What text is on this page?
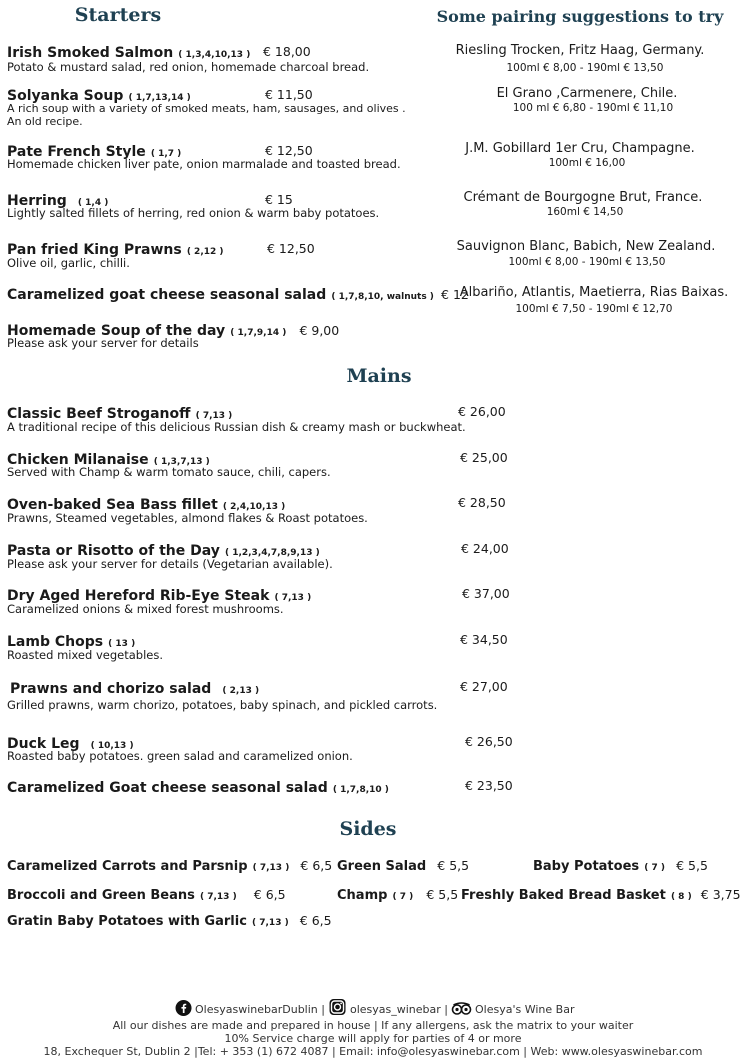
Starters	Some pairing suggestions to try
Irish Smoked Salmon ( 1,3,4,10,13 ) € 18,00
Potato & mustard salad, red onion, homemade charcoal bread.
Solyanka Soup ( 1,7,13,14 )	€ 11,50
A rich soup with a variety of smoked meats, ham, sausages, and olives .
An old recipe.
Pate French Style ( 1,7 )	€ 12,50
Homemade chicken liver pate, onion marmalade and toasted bread.
Herring ( 1,4 )	€ 15
Lightly salted fillets of herring, red onion & warm baby potatoes.
Pan fried King Prawns ( 2,12 )	€ 12,50
Olive oil, garlic, chilli.
Caramelized goat cheese seasonal salad ( 1,7,8,10, walnuts ) € 12
Homemade Soup of the day ( 1,7,9,14 ) € 9,00
Please ask your server for details
Riesling Trocken, Fritz Haag, Germany.
100ml € 8,00 - 190ml € 13,50
El Grano ,Carmenere, Chile.
100 ml € 6,80 - 190ml € 11,10
J.M. Gobillard 1er Cru, Champagne.
100ml € 16,00
Crémant de Bourgogne Brut, France.
160ml € 14,50
Sauvignon Blanc, Babich, New Zealand.
100ml € 8,00 - 190ml € 13,50
Albariño, Atlantis, Maetierra, Rias Baixas.
100ml € 7,50 - 190ml € 12,70
Mains
Classic Beef Stroganoff ( 7,13 )	€ 26,00
A traditional recipe of this delicious Russian dish & creamy mash or buckwheat.
Chicken Milanaise ( 1,3,7,13 )	€ 25,00
Served with Champ & warm tomato sauce, chili, capers.
Oven-baked Sea Bass fillet ( 2,4,10,13 )	€ 28,50
Prawns, Steamed vegetables, almond flakes & Roast potatoes.
Pasta or Risotto of the Day ( 1,2,3,4,7,8,9,13 )	€ 24,00
Please ask your server for details (Vegetarian available).
Dry Aged Hereford Rib-Eye Steak ( 7,13 )	€ 37,00
Caramelized onions & mixed forest mushrooms.
Lamb Chops ( 13 )	€ 34,50
Roasted mixed vegetables.
Prawns and chorizo salad ( 2,13 )	€ 27,00
Grilled prawns, warm chorizo, potatoes, baby spinach, and pickled carrots.
Duck Leg ( 10,13 )	€ 26,50
Roasted baby potatoes. green salad and caramelized onion.
Caramelized Goat cheese seasonal salad ( 1,7,8,10 )	€ 23,50
Sides
Caramelized Carrots and Parsnip ( 7,13 ) € 6,5 Green Salad € 5,5	Baby Potatoes ( 7 ) € 5,5
Broccoli and Green Beans ( 7,13 ) € 6,5	Champ ( 7 ) € 5,5 Freshly Baked Bread Basket ( 8 ) € 3,75
Gratin Baby Potatoes with Garlic ( 7,13 ) € 6,5
OlesyaswinebarDublin | olesyas_winebar | Olesya's Wine Bar
All our dishes are made and prepared in house | If any allergens, ask the matrix to your waiter
10% Service charge will apply for parties of 4 or more
18, Exchequer St, Dublin 2 |Tel: + 353 (1) 672 4087 | Email: info@olesyaswinebar.com | Web: www.olesyaswinebar.com
